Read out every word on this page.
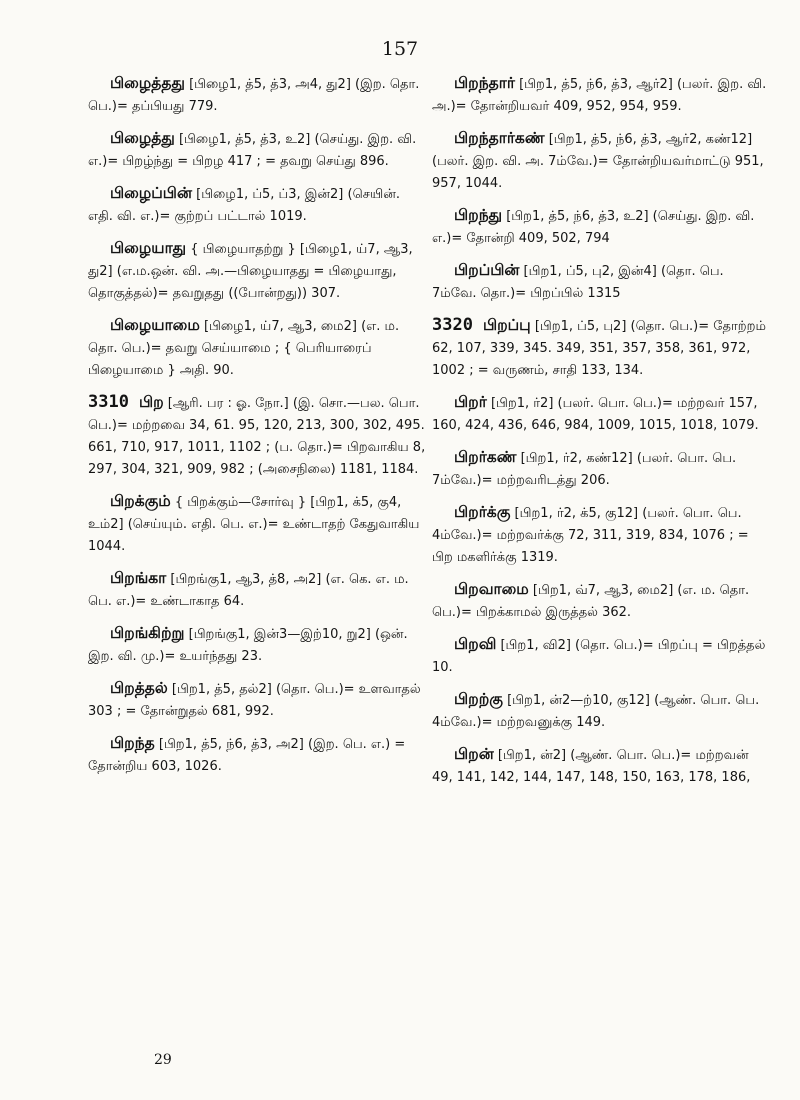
157

பிழைத்தது [பிழை1, த்5, த்3, அ4, து2] (இற. தொ. பெ.)= தப்பியது 779.

பிழைத்து [பிழை1, த்5, த்3, உ2] (செய்து. இற. வி. எ.)= பிறழ்ந்து = பிறழ 417 ; = தவறு செய்து 896.

பிழைப்பின் [பிழை1, ப்5, ப்3, இன்2] (செயின். எதி. வி. எ.)= குற்றப் பட்டால் 1019.

பிழையாது { பிழையாதற்று } [பிழை1, ய்7, ஆ3, து2] (எ.ம.ஒன். வி. அ.—பிழையாதது = பிழையாது, தொகுத்தல்)= தவறுதது ((போன்றது)) 307.

பிழையாமை [பிழை1, ய்7, ஆ3, மை2] (எ. ம. தொ. பெ.)= தவறு செய்யாமை ; { பெரியாரைப் பிழையாமை } அதி. 90.

3310 பிற [ஆரி. பர : ஓ. நோ.] (இ. சொ.—பல. பொ. பெ.)= மற்றவை 34, 61. 95, 120, 213, 300, 302, 495. 661, 710, 917, 1011, 1102 ; (ப. தொ.)= பிறவாகிய 8, 297, 304, 321, 909, 982 ; (அசைநிலை) 1181, 1184.

பிறக்கும் { பிறக்கும்—சோர்வு } [பிற1, க்5, கு4, உம்2] (செய்யும். எதி. பெ. எ.)= உண்டாதற் கேதுவாகிய 1044.

பிறங்கா [பிறங்கு1, ஆ3, த்8, அ2] (எ. கெ. எ. ம. பெ. எ.)= உண்டாகாத 64.

பிறங்கிற்று [பிறங்கு1, இன்3—இற்10, று2] (ஒன். இற. வி. மு.)= உயர்ந்தது 23.

பிறத்தல் [பிற1, த்5, தல்2] (தொ. பெ.)= உளவாதல் 303 ; = தோன்றுதல் 681, 992.

பிறந்த [பிற1, த்5, ந்6, த்3, அ2] (இற. பெ. எ.) = தோன்றிய 603, 1026.

பிறந்தார் [பிற1, த்5, ந்6, த்3, ஆர்2] (பலர். இற. வி. அ.)= தோன்றியவர் 409, 952, 954, 959.

பிறந்தார்கண் [பிற1, த்5, ந்6, த்3, ஆர்2, கண்12] (பலர். இற. வி. அ. 7ம்வே.)= தோன்றியவர்மாட்டு 951, 957, 1044.

பிறந்து [பிற1, த்5, ந்6, த்3, உ2] (செய்து. இற. வி. எ.)= தோன்றி 409, 502, 794

பிறப்பின் [பிற1, ப்5, பு2, இன்4] (தொ. பெ. 7ம்வே. தொ.)= பிறப்பில் 1315

3320 பிறப்பு [பிற1, ப்5, பு2] (தொ. பெ.)= தோற்றம் 62, 107, 339, 345. 349, 351, 357, 358, 361, 972, 1002 ; = வருணம், சாதி 133, 134.

பிறர் [பிற1, ர்2] (பலர். பொ. பெ.)= மற்றவர் 157, 160, 424, 436, 646, 984, 1009, 1015, 1018, 1079.

பிறர்கண் [பிற1, ர்2, கண்12] (பலர். பொ. பெ. 7ம்வே.)= மற்றவரிடத்து 206.

பிறர்க்கு [பிற1, ர்2, க்5, கு12] (பலர். பொ. பெ. 4ம்வே.)= மற்றவர்க்கு 72, 311, 319, 834, 1076 ; = பிற மகளிர்க்கு 1319.

பிறவாமை [பிற1, வ்7, ஆ3, மை2] (எ. ம. தொ. பெ.)= பிறக்காமல் இருத்தல் 362.

பிறவி [பிற1, வி2] (தொ. பெ.)= பிறப்பு = பிறத்தல் 10.

பிறற்கு [பிற1, ன்2—ற்10, கு12] (ஆண். பொ. பெ. 4ம்வே.)= மற்றவனுக்கு 149.

பிறன் [பிற1, ன்2] (ஆண். பொ. பெ.)= மற்றவன் 49, 141, 142, 144, 147, 148, 150, 163, 178, 186,

29
